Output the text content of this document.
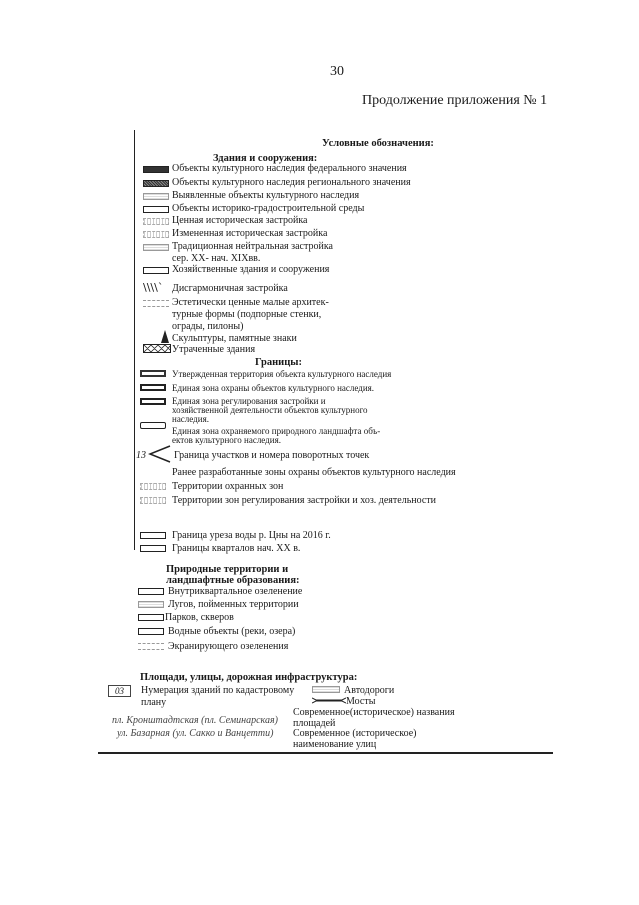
30
Продолжение приложения № 1
Условные обозначения:
Здания и сооружения:
Объекты культурного наследия федерального значения
Объекты культурного наследия регионального значения
Выявленные объекты культурного наследия
Объекты историко-градостроительной среды
Ценная историческая застройка
Измененная историческая застройка
Традиционная нейтральная застройка
сер. XX- нач. XIXвв.
Хозяйственные здания и сооружения
\\\\` Дисгармоничная застройка
Эстетически ценные малые архитек-
турные формы (подпорные стенки,
ограды, пилоны)
Скульптуры, памятные знаки
Утраченные здания
Границы:
Утвержденная территория объекта культурного наследия
Единая зона охраны объектов культурного наследия.
Единая зона регулирования застройки и
хозяйственной деятельности объектов культурного
наследия.
Единая зона охраняемого природного ландшафта объ-
ектов культурного наследия.
13	Граница участков и номера поворотных точек
Ранее разработанные зоны охраны объектов культурного наследия
Территории охранных зон
Территории зон регулирования застройки и хоз. деятельности
Граница уреза воды р. Цны на 2016 г.
Границы кварталов нач. XX в.
Природные территории и
ландшафтные образования:
Внутриквартальное озеленение
Лугов, пойменных территории
Парков, скверов
Водные объекты (реки, озера)
Экранирующего озеленения
Площади, улицы, дорожная инфраструктура:
03	Нумерация зданий по кадастровому
плану
Автодороги
Мосты
пл. Кронштадтская (пл. Семинарская)
Современное(историческое) названия
площадей
ул. Базарная (ул. Сакко и Ванцетти) Современное (историческое)
наименование улиц
